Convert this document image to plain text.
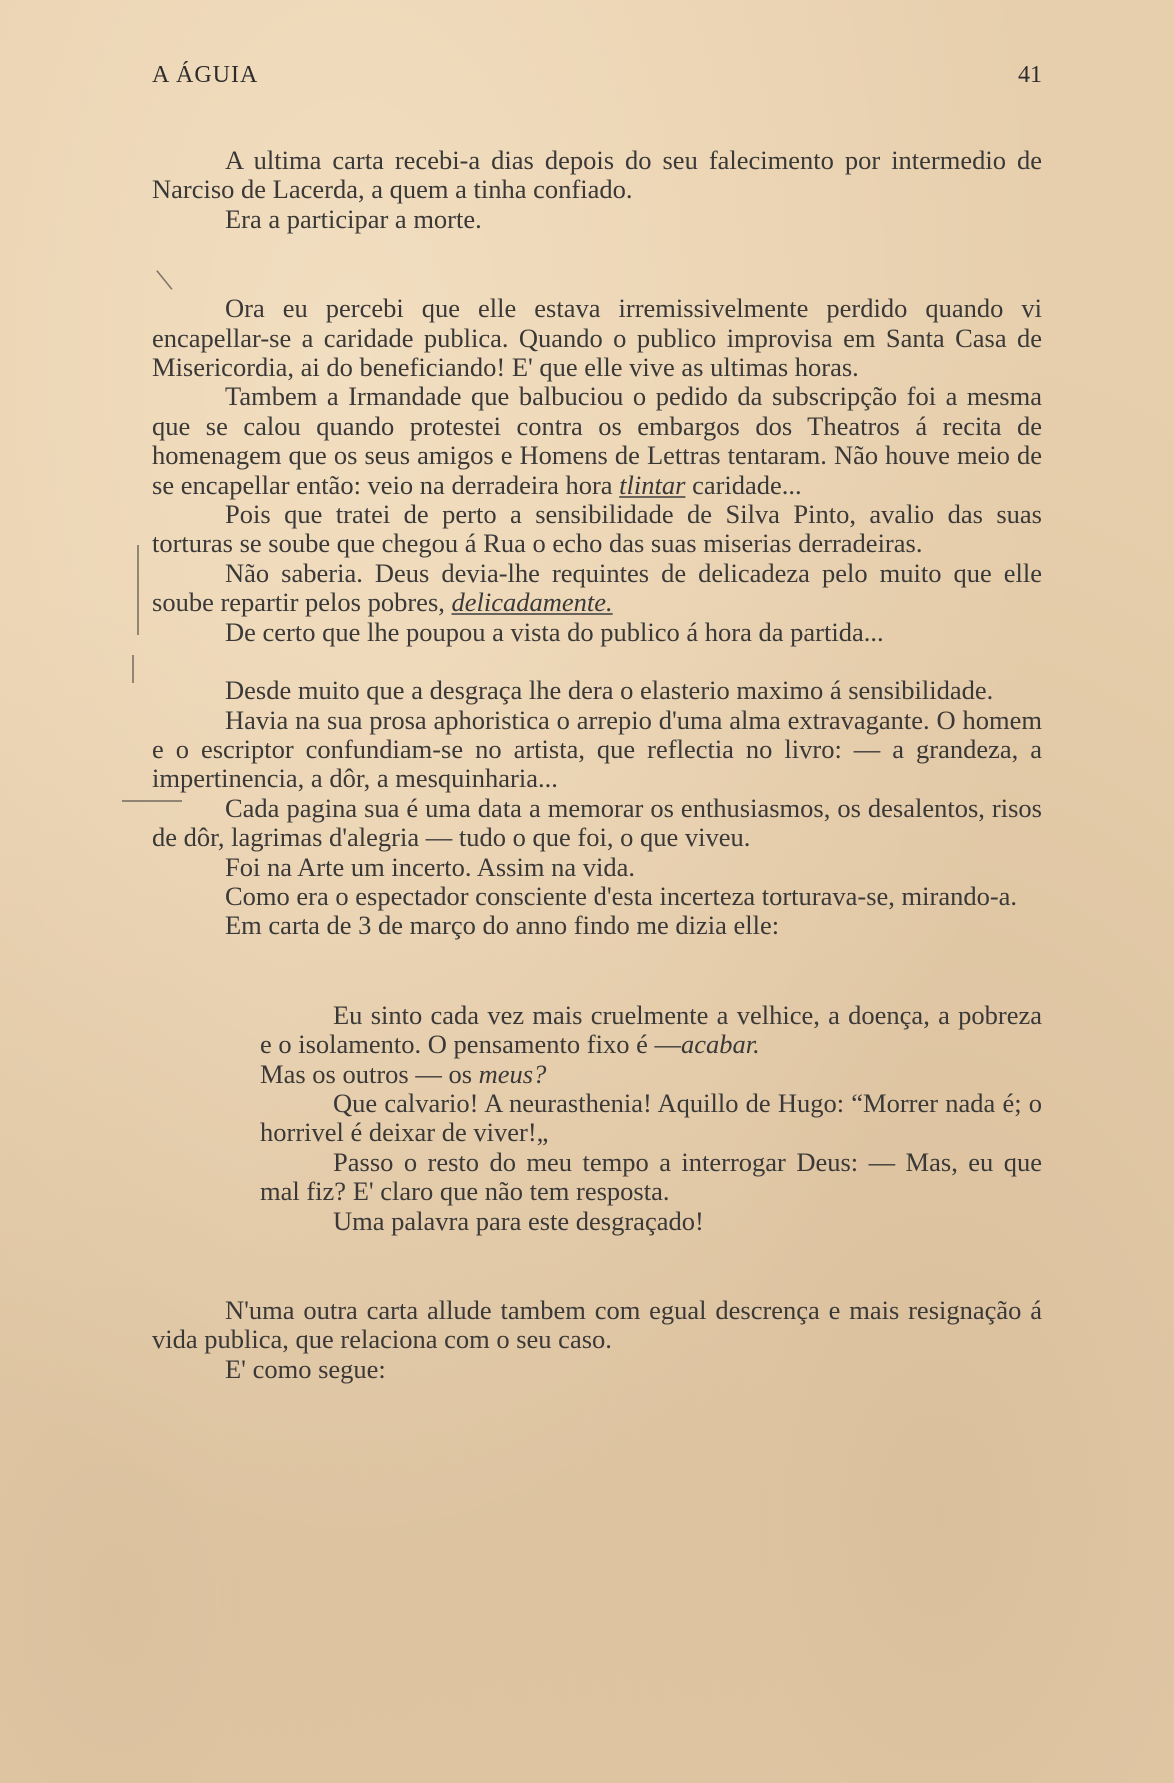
A ÁGUIA	41
\

A ultima carta recebi-a dias depois do seu falecimento por intermedio de Narciso de Lacerda, a quem a tinha confiado.

Era a participar a morte.

Ora eu percebi que elle estava irremissivelmente perdido quando vi encapellar-se a caridade publica. Quando o publico improvisa em Santa Casa de Misericordia, ai do beneficiando! E' que elle vive as ultimas horas.

Tambem a Irmandade que balbuciou o pedido da subscripção foi a mesma que se calou quando protestei contra os embargos dos Theatros á recita de homenagem que os seus amigos e Homens de Lettras tentaram. Não houve meio de se encapellar então: veio na derradeira hora tlintar caridade...

Pois que tratei de perto a sensibilidade de Silva Pinto, avalio das suas torturas se soube que chegou á Rua o echo das suas miserias derradeiras.

Não saberia. Deus devia-lhe requintes de delicadeza pelo muito que elle soube repartir pelos pobres, delicadamente.

De certo que lhe poupou a vista do publico á hora da partida...

Desde muito que a desgraça lhe dera o elasterio maximo á sensibilidade.

Havia na sua prosa aphoristica o arrepio d'uma alma extravagante. O homem e o escriptor confundiam-se no artista, que reflectia no livro: — a grandeza, a impertinencia, a dôr, a mesquinharia...

Cada pagina sua é uma data a memorar os enthusiasmos, os desalentos, risos de dôr, lagrimas d'alegria — tudo o que foi, o que viveu.

Foi na Arte um incerto. Assim na vida.

Como era o espectador consciente d'esta incerteza torturava-se, mirando-a.

Em carta de 3 de março do anno findo me dizia elle:

Eu sinto cada vez mais cruelmente a velhice, a doença, a pobreza e o isolamento. O pensamento fixo é —acabar.

Mas os outros — os meus?

Que calvario! A neurasthenia! Aquillo de Hugo: “Morrer nada é; o horrivel é deixar de viver!„

Passo o resto do meu tempo a interrogar Deus: — Mas, eu que mal fiz? E' claro que não tem resposta.

Uma palavra para este desgraçado!

N'uma outra carta allude tambem com egual descrença e mais resignação á vida publica, que relaciona com o seu caso.

E' como segue:
